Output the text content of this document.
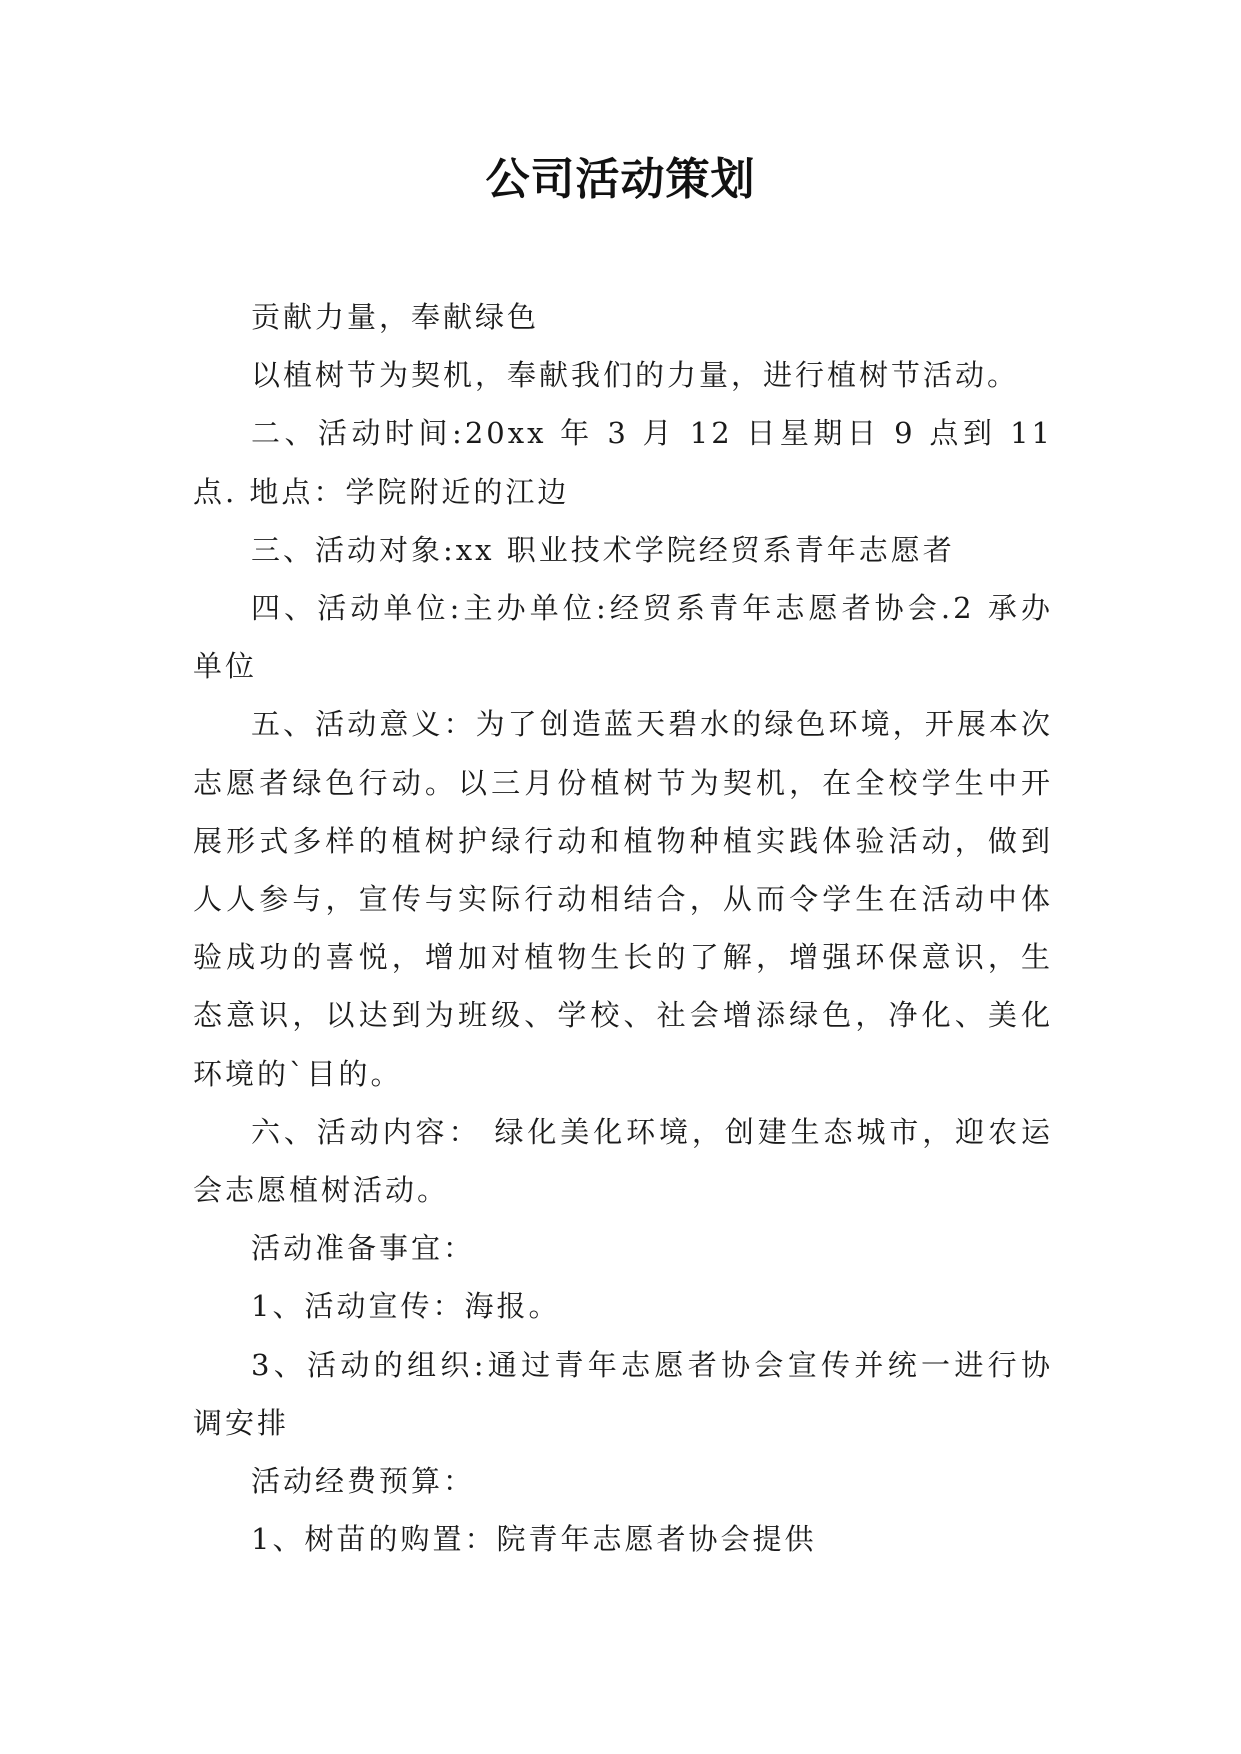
公司活动策划

贡献力量，奉献绿色

以植树节为契机，奉献我们的力量，进行植树节活动。

二、活动时间:20xx 年 3 月 12 日星期日 9 点到 11 点. 地点：学院附近的江边

三、活动对象:xx 职业技术学院经贸系青年志愿者

四、活动单位:主办单位:经贸系青年志愿者协会.2 承办单位

五、活动意义：为了创造蓝天碧水的绿色环境，开展本次志愿者绿色行动。以三月份植树节为契机，在全校学生中开展形式多样的植树护绿行动和植物种植实践体验活动，做到人人参与，宣传与实际行动相结合，从而令学生在活动中体验成功的喜悦，增加对植物生长的了解，增强环保意识，生态意识，以达到为班级、学校、社会增添绿色，净化、美化环境的`目的。

六、活动内容： 绿化美化环境，创建生态城市，迎农运会志愿植树活动。

活动准备事宜：

1、活动宣传：海报。

3、活动的组织:通过青年志愿者协会宣传并统一进行协调安排

活动经费预算：

1、树苗的购置：院青年志愿者协会提供
